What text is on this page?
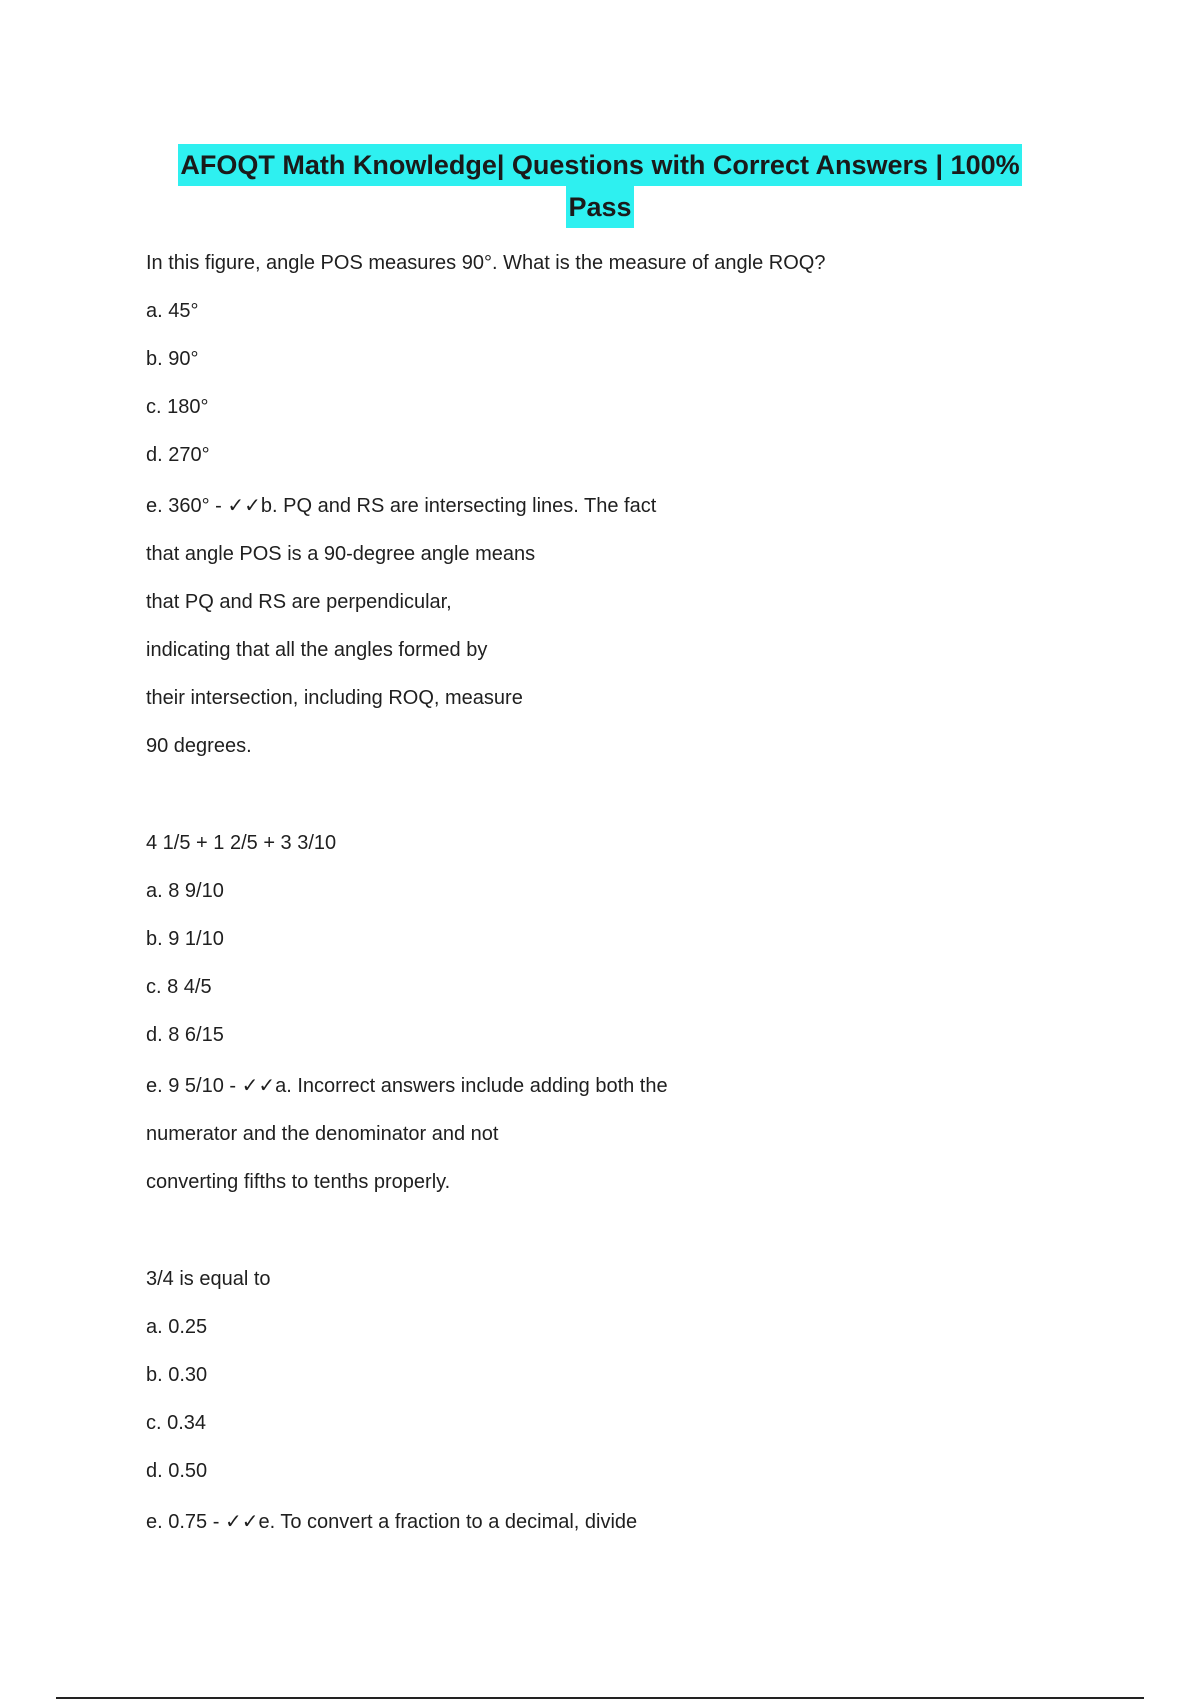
AFOQT Math Knowledge| Questions with Correct Answers | 100%
Pass
In this figure, angle POS measures 90°. What is the measure of angle ROQ?
a. 45°
b. 90°
c. 180°
d. 270°
e. 360° - ✓✓b. PQ and RS are intersecting lines. The fact
that angle POS is a 90-degree angle means
that PQ and RS are perpendicular,
indicating that all the angles formed by
their intersection, including ROQ, measure
90 degrees.
4 1/5 + 1 2/5 + 3 3/10
a. 8 9/10
b. 9 1/10
c. 8 4/5
d. 8 6/15
e. 9 5/10 - ✓✓a. Incorrect answers include adding both the
numerator and the denominator and not
converting fifths to tenths properly.
3/4 is equal to
a. 0.25
b. 0.30
c. 0.34
d. 0.50
e. 0.75 - ✓✓e. To convert a fraction to a decimal, divide
